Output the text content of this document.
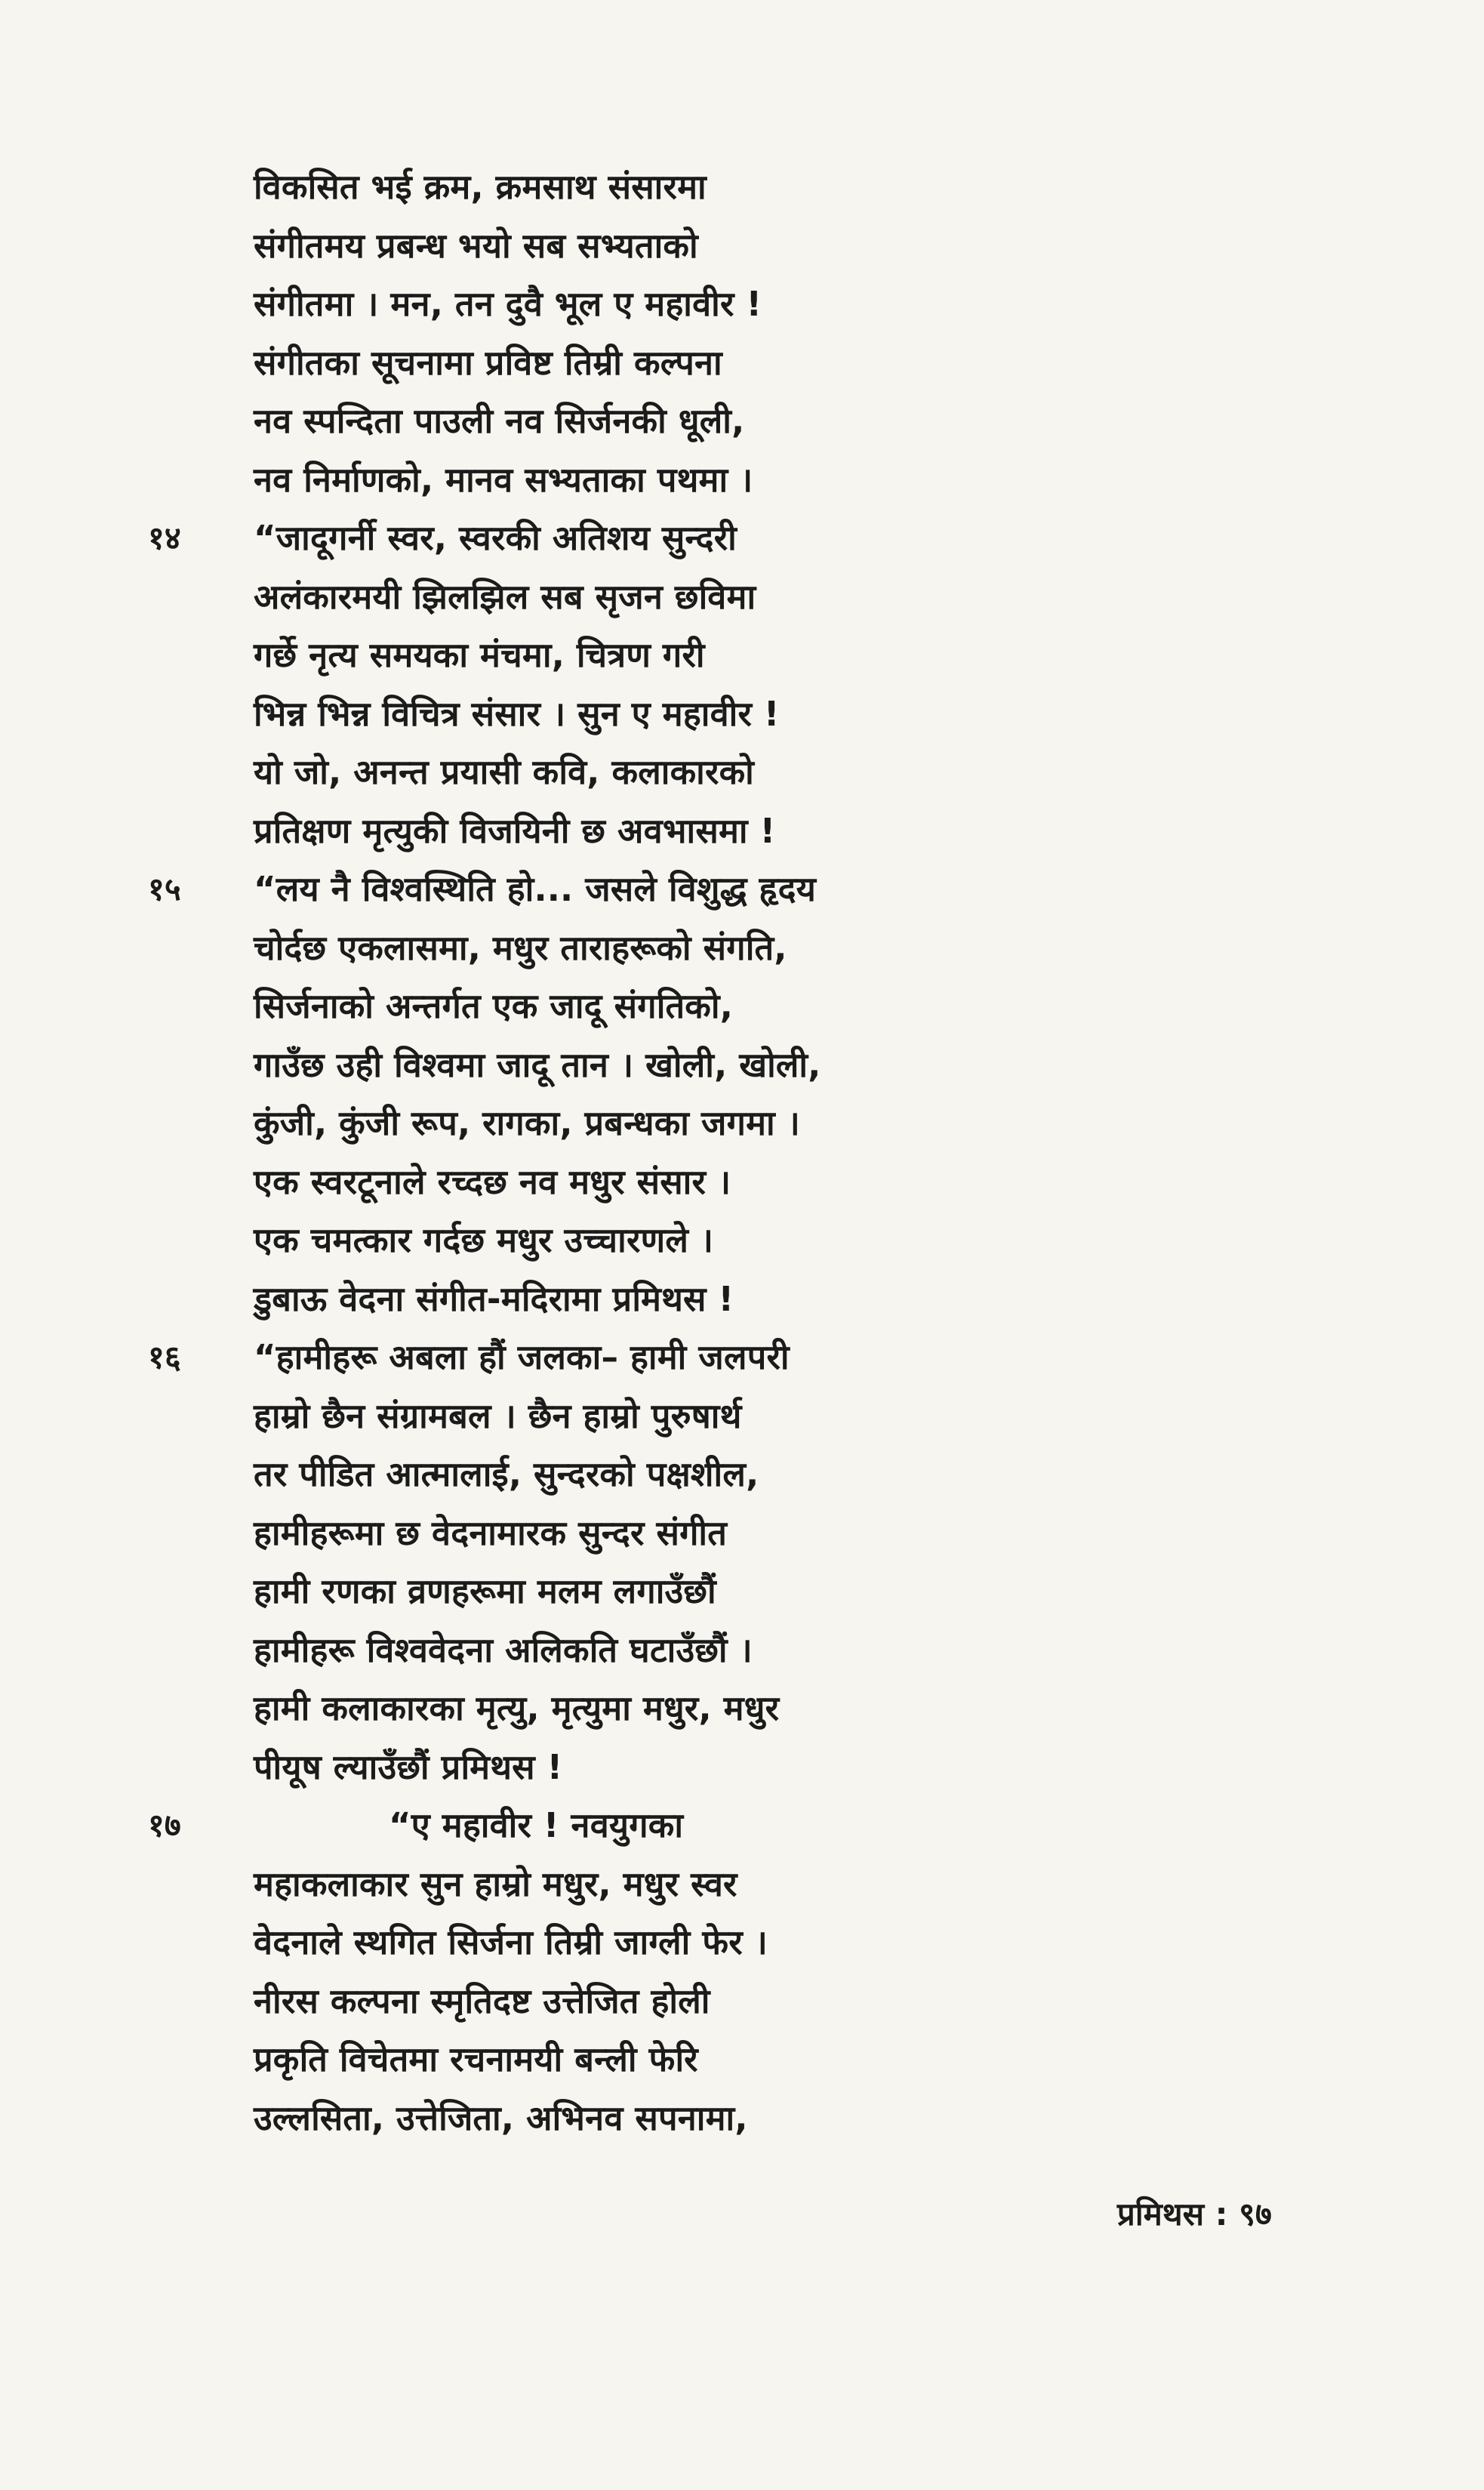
विकसित भई क्रम, क्रमसाथ संसारमा
संगीतमय प्रबन्ध भयो सब सभ्यताको
संगीतमा । मन, तन दुवै भूल ए महावीर !
संगीतका सूचनामा प्रविष्ट तिम्री कल्पना
नव स्पन्दिता पाउली नव सिर्जनकी धूली,
नव निर्माणको, मानव सभ्यताका पथमा ।
१४	“जादूगर्नी स्वर, स्वरकी अतिशय सुन्दरी
अलंकारमयी झिलझिल सब सृजन छविमा
गर्छे नृत्य समयका मंचमा, चित्रण गरी
भिन्न भिन्न विचित्र संसार । सुन ए महावीर !
यो जो, अनन्त प्रयासी कवि, कलाकारको
प्रतिक्षण मृत्युकी विजयिनी छ अवभासमा !
१५	“लय नै विश्वस्थिति हो... जसले विशुद्ध हृदय
चोर्दछ एकलासमा, मधुर ताराहरूको संगति,
सिर्जनाको अन्तर्गत एक जादू संगतिको,
गाउँछ उही विश्वमा जादू तान । खोली, खोली,
कुंजी, कुंजी रूप, रागका, प्रबन्धका जगमा ।
एक स्वरटूनाले रच्दछ नव मधुर संसार ।
एक चमत्कार गर्दछ मधुर उच्चारणले ।
डुबाऊ वेदना संगीत-मदिरामा प्रमिथस !
१६	“हामीहरू अबला हौं जलका– हामी जलपरी
हाम्रो छैन संग्रामबल । छैन हाम्रो पुरुषार्थ
तर पीडित आत्मालाई, सुन्दरको पक्षशील,
हामीहरूमा छ वेदनामारक सुन्दर संगीत
हामी रणका व्रणहरूमा मलम लगाउँछौं
हामीहरू विश्ववेदना अलिकति घटाउँछौं ।
हामी कलाकारका मृत्यु, मृत्युमा मधुर, मधुर
पीयूष ल्याउँछौं प्रमिथस !
१७	“ए महावीर ! नवयुगका
महाकलाकार सुन हाम्रो मधुर, मधुर स्वर
वेदनाले स्थगित सिर्जना तिम्री जाग्ली फेर ।
नीरस कल्पना स्मृतिदष्ट उत्तेजित होली
प्रकृति विचेतमा रचनामयी बन्ली फेरि
उल्लसिता, उत्तेजिता, अभिनव सपनामा,
प्रमिथस : ९७
